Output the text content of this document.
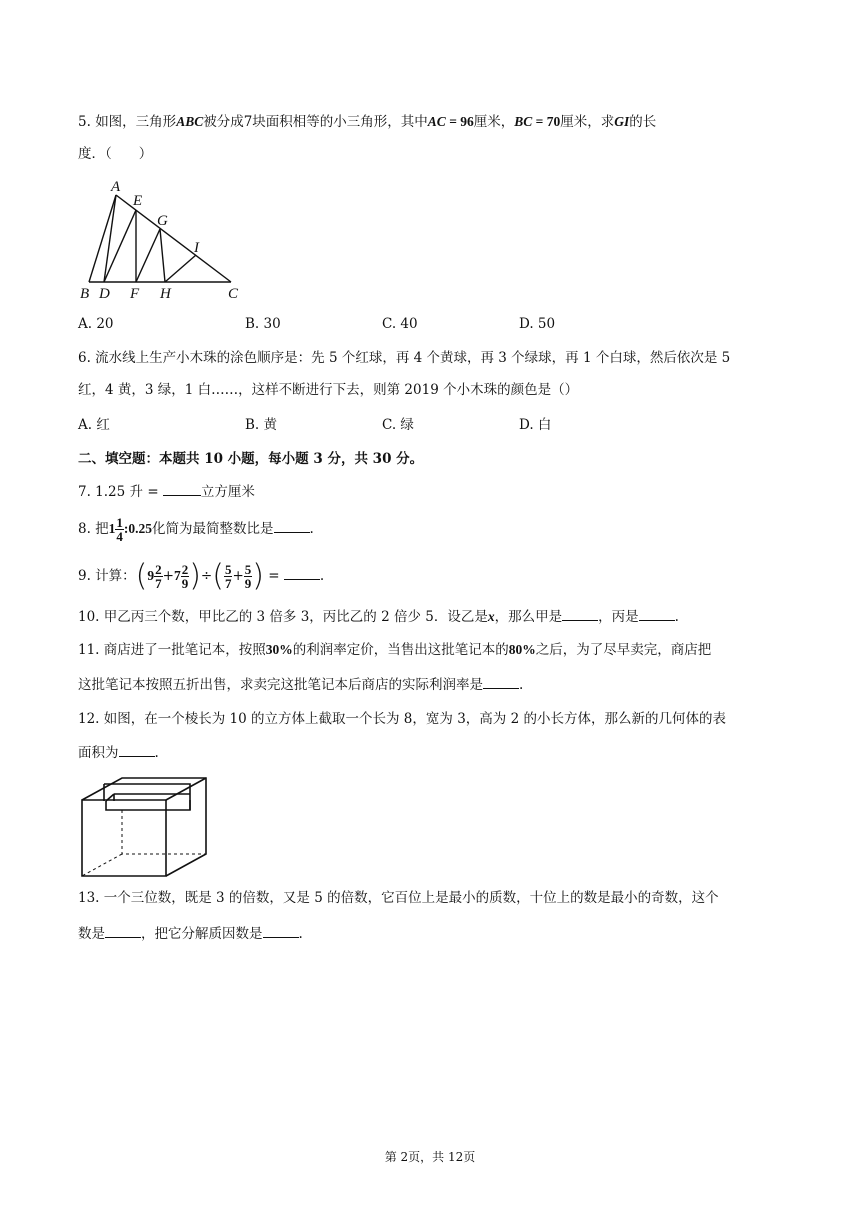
5. 如图，三角形ABC被分成7块面积相等的小三角形，其中AC = 96厘米，BC = 70厘米，求GI的长
度．（　　）
A
E
G
I
B D F H	C
A. 20	B. 30	C. 40	D. 50
6. 流水线上生产小木珠的涂色顺序是：先 5 个红球，再 4 个黄球，再 3 个绿球，再 1 个白球，然后依次是 5
红，4 黄，3 绿，1 白……，这样不断进行下去，则第 2019 个小木珠的颜色是（）
A. 红	B. 黄	C. 绿	D. 白
二、填空题：本题共 10 小题，每小题 3 分，共 30 分。
7. 1.25 升 =	立方厘米
8. 把$1 \frac{1}{4}$ :0.25化简为最简整数比是	.
9. 计算：($9 \frac{2}{7} +7 \frac{2}{9}$ )÷( $\frac{5}{7} + \frac{5}{9}$ ) =	.
10. 甲乙丙三个数，甲比乙的 3 倍多 3，丙比乙的 2 倍少 5．设乙是x，那么甲是	，丙是	.
11. 商店进了一批笔记本，按照30%的利润率定价，当售出这批笔记本的80%之后，为了尽早卖完，商店把
这批笔记本按照五折出售，求卖完这批笔记本后商店的实际利润率是	.
12. 如图，在一个棱长为 10 的立方体上截取一个长为 8，宽为 3，高为 2 的小长方体，那么新的几何体的表
面积为	.
13. 一个三位数，既是 3 的倍数，又是 5 的倍数，它百位上是最小的质数，十位上的数是最小的奇数，这个
数是	，把它分解质因数是	.
第 2页，共 12页
